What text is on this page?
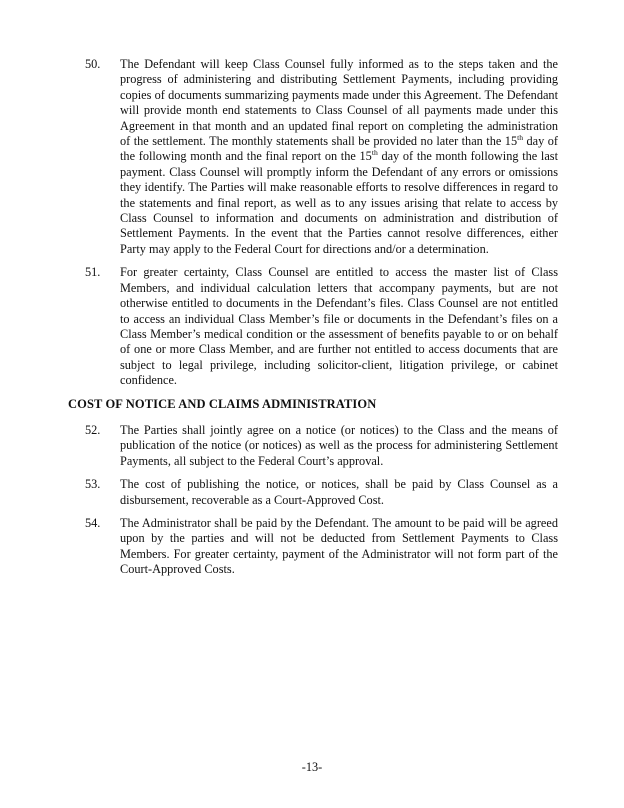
50.	The Defendant will keep Class Counsel fully informed as to the steps taken and the progress of administering and distributing Settlement Payments, including providing copies of documents summarizing payments made under this Agreement. The Defendant will provide month end statements to Class Counsel of all payments made under this Agreement in that month and an updated final report on completing the administration of the settlement. The monthly statements shall be provided no later than the 15th day of the following month and the final report on the 15th day of the month following the last payment. Class Counsel will promptly inform the Defendant of any errors or omissions they identify. The Parties will make reasonable efforts to resolve differences in regard to the statements and final report, as well as to any issues arising that relate to access by Class Counsel to information and documents on administration and distribution of Settlement Payments. In the event that the Parties cannot resolve differences, either Party may apply to the Federal Court for directions and/or a determination.
51.	For greater certainty, Class Counsel are entitled to access the master list of Class Members, and individual calculation letters that accompany payments, but are not otherwise entitled to documents in the Defendant’s files. Class Counsel are not entitled to access an individual Class Member’s file or documents in the Defendant’s files on a Class Member’s medical condition or the assessment of benefits payable to or on behalf of one or more Class Member, and are further not entitled to access documents that are subject to legal privilege, including solicitor-client, litigation privilege, or cabinet confidence.
COST OF NOTICE AND CLAIMS ADMINISTRATION
52.	The Parties shall jointly agree on a notice (or notices) to the Class and the means of publication of the notice (or notices) as well as the process for administering Settlement Payments, all subject to the Federal Court’s approval.
53.	The cost of publishing the notice, or notices, shall be paid by Class Counsel as a disbursement, recoverable as a Court-Approved Cost.
54.	The Administrator shall be paid by the Defendant. The amount to be paid will be agreed upon by the parties and will not be deducted from Settlement Payments to Class Members. For greater certainty, payment of the Administrator will not form part of the Court-Approved Costs.
-13-
